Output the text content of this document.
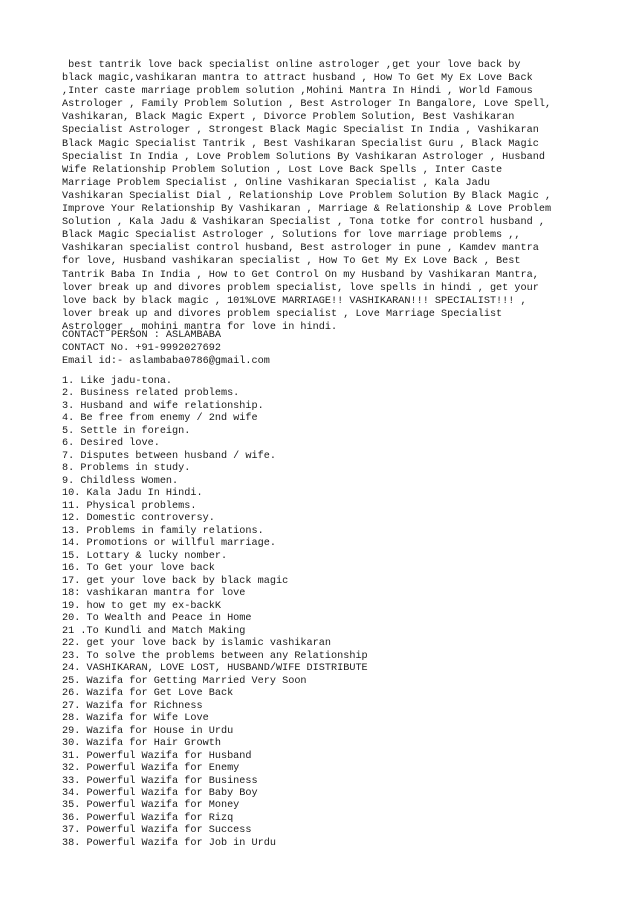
best tantrik love back specialist online astrologer ,get your love back by

black magic,vashikaran mantra to attract husband , How To Get My Ex Love Back

,Inter caste marriage problem solution ,Mohini Mantra In Hindi , World Famous

Astrologer , Family Problem Solution , Best Astrologer In Bangalore, Love Spell,

Vashikaran, Black Magic Expert , Divorce Problem Solution, Best Vashikaran

Specialist Astrologer , Strongest Black Magic Specialist In India , Vashikaran

Black Magic Specialist Tantrik , Best Vashikaran Specialist Guru , Black Magic

Specialist In India , Love Problem Solutions By Vashikaran Astrologer , Husband

Wife Relationship Problem Solution , Lost Love Back Spells , Inter Caste

Marriage Problem Specialist , Online Vashikaran Specialist , Kala Jadu

Vashikaran Specialist Dial , Relationship Love Problem Solution By Black Magic ,

Improve Your Relationship By Vashikaran , Marriage & Relationship & Love Problem

Solution , Kala Jadu & Vashikaran Specialist , Tona totke for control husband ,

Black Magic Specialist Astrologer , Solutions for love marriage problems ,,

Vashikaran specialist control husband, Best astrologer in pune , Kamdev mantra

for love, Husband vashikaran specialist , How To Get My Ex Love Back , Best

Tantrik Baba In India , How to Get Control On my Husband by Vashikaran Mantra,

lover break up and divores problem specialist, love spells in hindi , get your

love back by black magic , 101%LOVE MARRIAGE!! VASHIKARAN!!! SPECIALIST!!! ,

lover break up and divores problem specialist , Love Marriage Specialist

Astrologer , mohini mantra for love in hindi.

CONTACT PERSON : ASLAMBABA

CONTACT No. +91-9992027692

Email id:- aslambaba0786@gmail.com

1. Like jadu-tona.
2. Business related problems.
3. Husband and wife relationship.
4. Be free from enemy / 2nd wife
5. Settle in foreign.
6. Desired love.
7. Disputes between husband / wife.
8. Problems in study.
9. Childless Women.
10. Kala Jadu In Hindi.
11. Physical problems.
12. Domestic controversy.
13. Problems in family relations.
14. Promotions or willful marriage.
15. Lottary & lucky nomber.
16. To Get your love back
17. get your love back by black magic
18: vashikaran mantra for love
19. how to get my ex-backK
20. To Wealth and Peace in Home
21 .To Kundli and Match Making
22. get your love back by islamic vashikaran
23. To solve the problems between any Relationship
24. VASHIKARAN, LOVE LOST, HUSBAND/WIFE DISTRIBUTE
25. Wazifa for Getting Married Very Soon
26. Wazifa for Get Love Back
27. Wazifa for Richness
28. Wazifa for Wife Love
29. Wazifa for House in Urdu
30. Wazifa for Hair Growth
31. Powerful Wazifa for Husband
32. Powerful Wazifa for Enemy
33. Powerful Wazifa for Business
34. Powerful Wazifa for Baby Boy
35. Powerful Wazifa for Money
36. Powerful Wazifa for Rizq
37. Powerful Wazifa for Success
38. Powerful Wazifa for Job in Urdu
